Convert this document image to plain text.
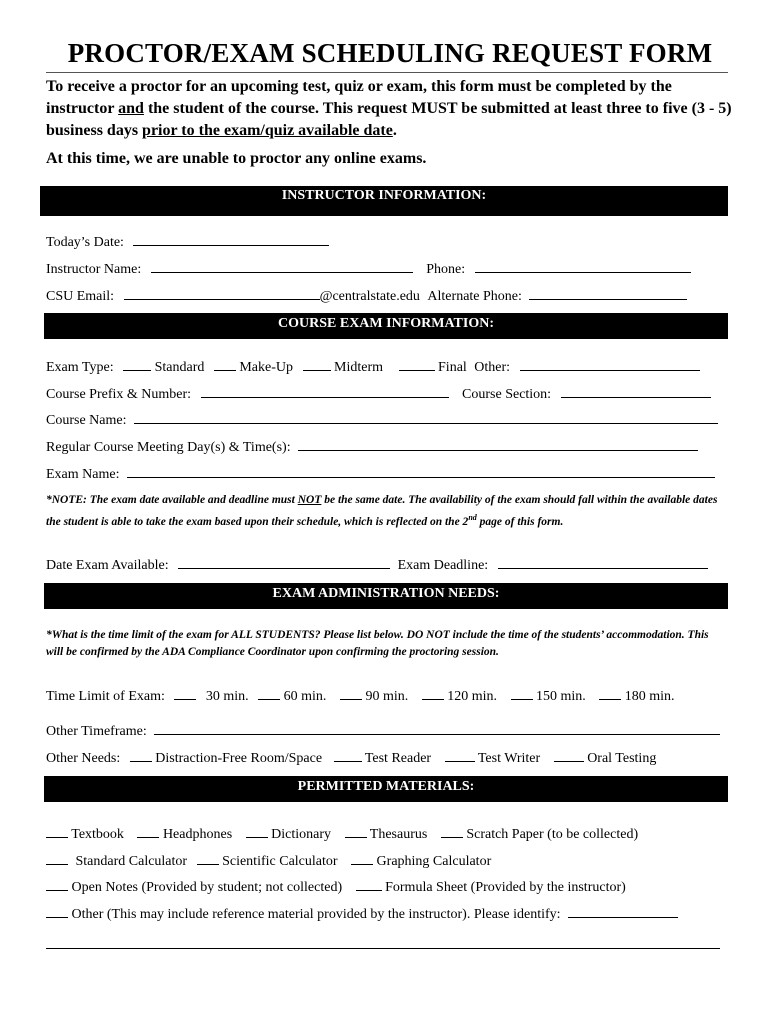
PROCTOR/EXAM SCHEDULING REQUEST FORM
To receive a proctor for an upcoming test, quiz or exam, this form must be completed by the instructor and the student of the course. This request MUST be submitted at least three to five (3 - 5) business days prior to the exam/quiz available date.
At this time, we are unable to proctor any online exams.
INSTRUCTOR INFORMATION:
Today’s Date:
Instructor Name:	Phone:
CSU Email:	@centralstate.edu Alternate Phone:
COURSE EXAM INFORMATION:
Exam Type:	Standard	Make-Up	Midterm	Final Other:
Course Prefix & Number:	Course Section:
Course Name:
Regular Course Meeting Day(s) & Time(s):
Exam Name:
*NOTE: The exam date available and deadline must NOT be the same date. The availability of the exam should fall within the available dates the student is able to take the exam based upon their schedule, which is reflected on the 2nd page of this form.
Date Exam Available:	Exam Deadline:
EXAM ADMINISTRATION NEEDS:
*What is the time limit of the exam for ALL STUDENTS? Please list below. DO NOT include the time of the students’ accommodation. This will be confirmed by the ADA Compliance Coordinator upon confirming the proctoring session.
Time Limit of Exam:	30 min.	60 min.	90 min.	120 min.	150 min.	180 min.
Other Timeframe:
Other Needs:	Distraction-Free Room/Space	Test Reader	Test Writer	Oral Testing
PERMITTED MATERIALS:
Textbook	Headphones	Dictionary	Thesaurus	Scratch Paper (to be collected)
Standard Calculator	Scientific Calculator	Graphing Calculator
Open Notes (Provided by student; not collected)	Formula Sheet (Provided by the instructor)
Other (This may include reference material provided by the instructor). Please identify:
